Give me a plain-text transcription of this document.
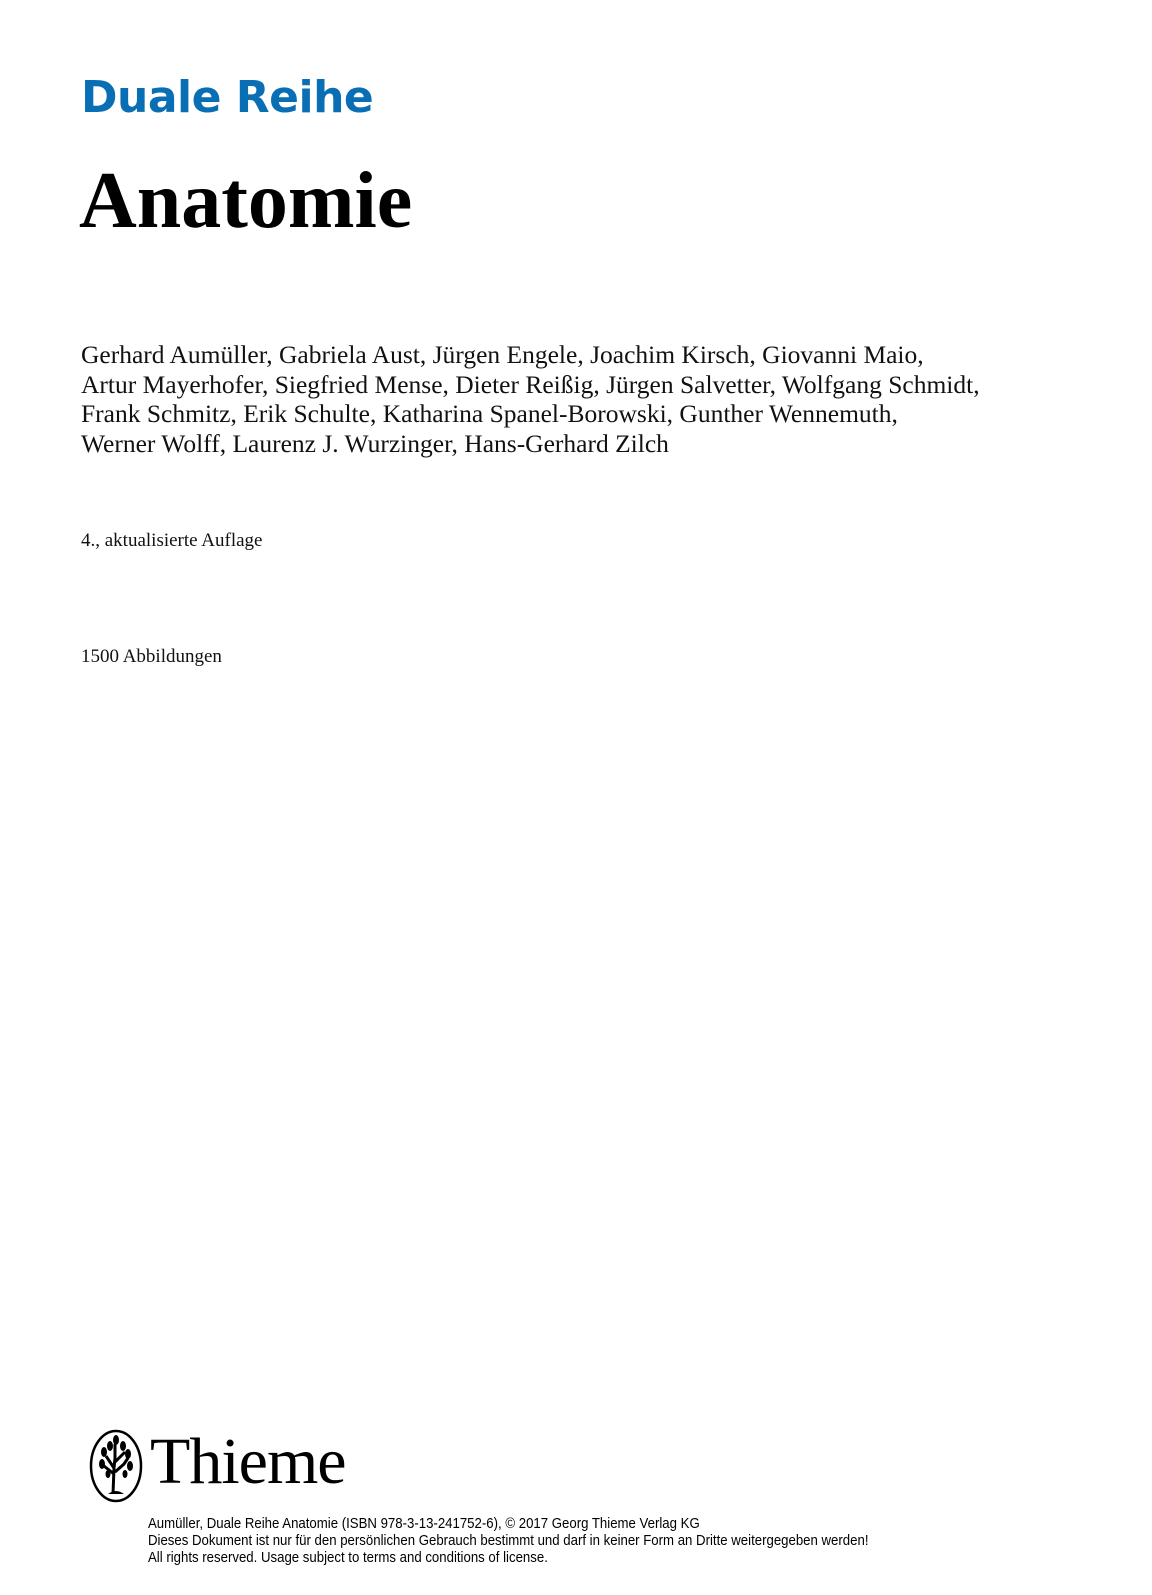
Duale Reihe
Anatomie
Gerhard Aumüller, Gabriela Aust, Jürgen Engele, Joachim Kirsch, Giovanni Maio,
Artur Mayerhofer, Siegfried Mense, Dieter Reißig, Jürgen Salvetter, Wolfgang Schmidt,
Frank Schmitz, Erik Schulte, Katharina Spanel-Borowski, Gunther Wennemuth,
Werner Wolff, Laurenz J. Wurzinger, Hans-Gerhard Zilch
4., aktualisierte Auflage
1500 Abbildungen
Thieme
Aumüller, Duale Reihe Anatomie (ISBN 978-3-13-241752-6), © 2017 Georg Thieme Verlag KG
Dieses Dokument ist nur für den persönlichen Gebrauch bestimmt und darf in keiner Form an Dritte weitergegeben werden!
All rights reserved. Usage subject to terms and conditions of license.
